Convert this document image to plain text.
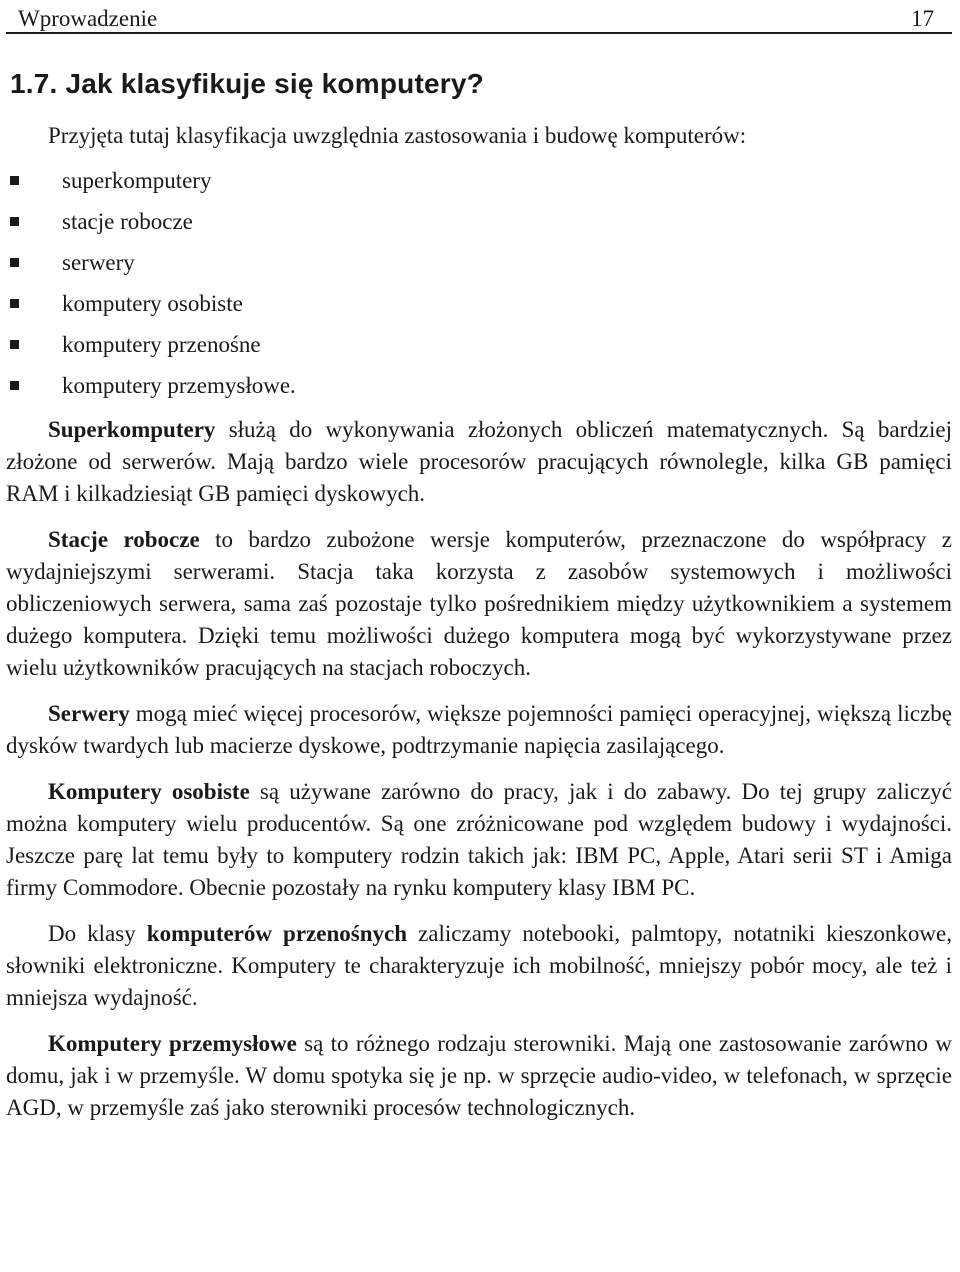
Wprowadzenie	17
1.7. Jak klasyfikuje się komputery?

Przyjęta tutaj klasyfikacja uwzględnia zastosowania i budowę komputerów:

superkomputery
stacje robocze
serwery
komputery osobiste
komputery przenośne
komputery przemysłowe.

Superkomputery służą do wykonywania złożonych obliczeń matematycznych. Są bardziej złożone od serwerów. Mają bardzo wiele procesorów pracujących równolegle, kilka GB pamięci RAM i kilkadziesiąt GB pamięci dyskowych.

Stacje robocze to bardzo zubożone wersje komputerów, przeznaczone do współpracy z wydajniejszymi serwerami. Stacja taka korzysta z zasobów systemowych i możliwości obliczeniowych serwera, sama zaś pozostaje tylko pośrednikiem między użytkownikiem a systemem dużego komputera. Dzięki temu możliwości dużego komputera mogą być wykorzystywane przez wielu użytkowników pracujących na stacjach roboczych.

Serwery mogą mieć więcej procesorów, większe pojemności pamięci operacyjnej, większą liczbę dysków twardych lub macierze dyskowe, podtrzymanie napięcia zasilającego.

Komputery osobiste są używane zarówno do pracy, jak i do zabawy. Do tej grupy zaliczyć można komputery wielu producentów. Są one zróżnicowane pod względem budowy i wydajności. Jeszcze parę lat temu były to komputery rodzin takich jak: IBM PC, Apple, Atari serii ST i Amiga firmy Commodore. Obecnie pozostały na rynku komputery klasy IBM PC.

Do klasy komputerów przenośnych zaliczamy notebooki, palmtopy, notatniki kieszonkowe, słowniki elektroniczne. Komputery te charakteryzuje ich mobilność, mniejszy pobór mocy, ale też i mniejsza wydajność.

Komputery przemysłowe są to różnego rodzaju sterowniki. Mają one zastosowanie zarówno w domu, jak i w przemyśle. W domu spotyka się je np. w sprzęcie audio-video, w telefonach, w sprzęcie AGD, w przemyśle zaś jako sterowniki procesów technologicznych.
